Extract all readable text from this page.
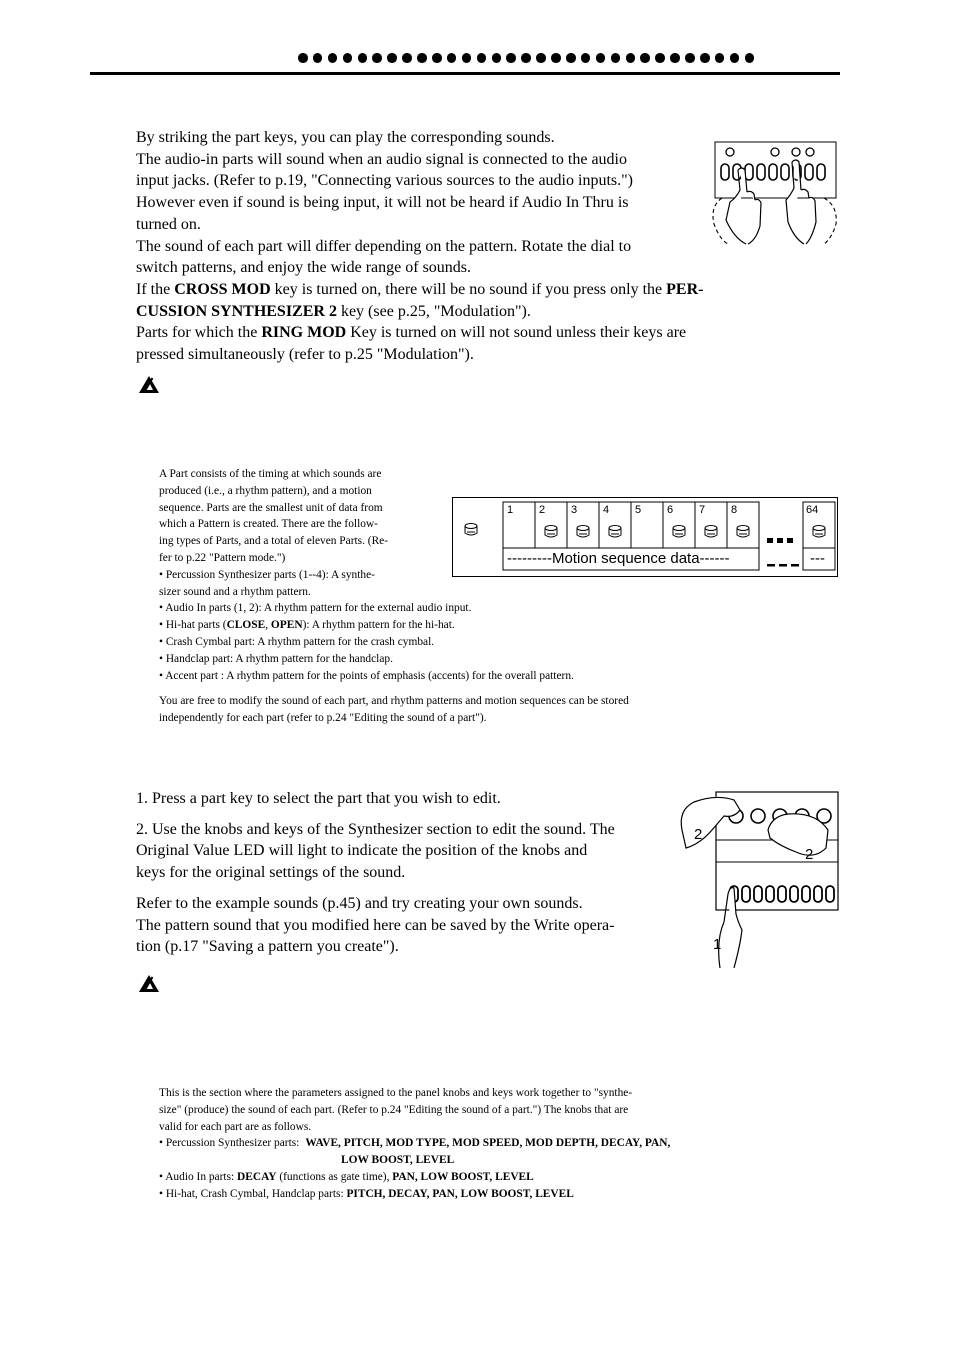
By striking the part keys, you can play the corresponding sounds.
The audio-in parts will sound when an audio signal is connected to the audio
input jacks. (Refer to p.19, "Connecting various sources to the audio inputs.")
However even if sound is being input, it will not be heard if Audio In Thru is
turned on.
The sound of each part will differ depending on the pattern. Rotate the dial to
switch patterns, and enjoy the wide range of sounds.
If the CROSS MOD key is turned on, there will be no sound if you press only the PER-
CUSSION SYNTHESIZER 2 key (see p.25, "Modulation").
Parts for which the RING MOD Key is turned on will not sound unless their keys are
pressed simultaneously (refer to p.25 "Modulation").
A Part consists of the timing at which sounds are
produced (i.e., a rhythm pattern), and a motion
sequence. Parts are the smallest unit of data from
which a Pattern is created. There are the follow-
ing types of Parts, and a total of eleven Parts. (Re-
fer to p.22 "Pattern mode.")
• Percussion Synthesizer parts (1--4): A synthe-
sizer sound and a rhythm pattern.
• Audio In parts (1, 2): A rhythm pattern for the external audio input.
• Hi-hat parts (CLOSE, OPEN): A rhythm pattern for the hi-hat.
• Crash Cymbal part: A rhythm pattern for the crash cymbal.
• Handclap part: A rhythm pattern for the handclap.
• Accent part : A rhythm pattern for the points of emphasis (accents) for the overall pattern.
You are free to modify the sound of each part, and rhythm patterns and motion sequences can be stored
independently for each part (refer to p.24 "Editing the sound of a part").
1 2 3 4 5 6 7 8	64
---------Motion sequence data------	---
1. Press a part key to select the part that you wish to edit.
2. Use the knobs and keys of the Synthesizer section to edit the sound. The
Original Value LED will light to indicate the position of the knobs and
keys for the original settings of the sound.
Refer to the example sounds (p.45) and try creating your own sounds.
The pattern sound that you modified here can be saved by the Write opera-
tion (p.17 "Saving a pattern you create").
2
2
1
This is the section where the parameters assigned to the panel knobs and keys work together to "synthe-
size" (produce) the sound of each part. (Refer to p.24 "Editing the sound of a part.") The knobs that are
valid for each part are as follows.
• Percussion Synthesizer parts: WAVE, PITCH, MOD TYPE, MOD SPEED, MOD DEPTH, DECAY, PAN,
LOW BOOST, LEVEL
• Audio In parts: DECAY (functions as gate time), PAN, LOW BOOST, LEVEL
• Hi-hat, Crash Cymbal, Handclap parts: PITCH, DECAY, PAN, LOW BOOST, LEVEL
